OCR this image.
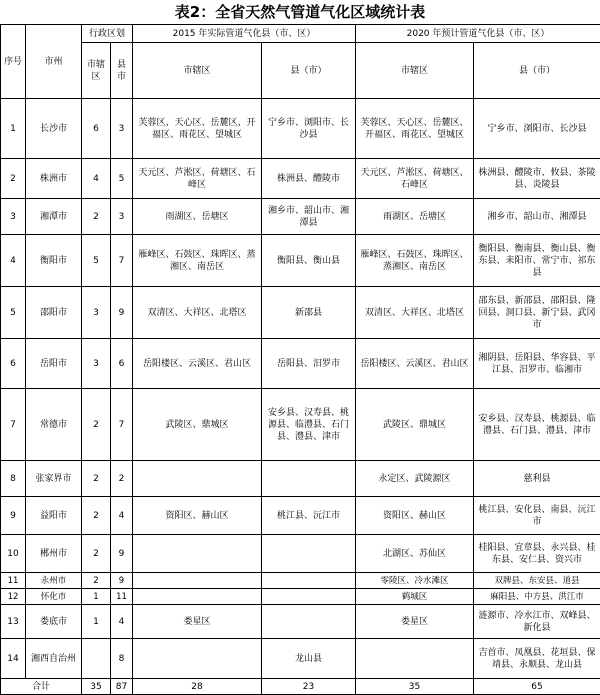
表2：全省天然气管道气化区域统计表
序号	市州	行政区划		2015 年实际管道气化县（市、区）		2020 年预计管道气化县（市、区）	
		市辖区	县市	市辖区	县（市）	市辖区	县（市）
1	长沙市	6	3	芙蓉区、天心区、岳麓区、开福区、雨花区、望城区	宁乡市、浏阳市、长沙县	芙蓉区、天心区、岳麓区、开福区、雨花区、望城区	宁乡市、浏阳市、长沙县
2	株洲市	4	5	天元区、芦淞区、荷塘区、石峰区	株洲县、醴陵市	天元区、芦淞区、荷塘区、石峰区	株洲县、醴陵市、攸县、茶陵县、炎陵县
3	湘潭市	2	3	雨湖区、岳塘区	湘乡市、韶山市、湘潭县	雨湖区、岳塘区	湘乡市、韶山市、湘潭县
4	衡阳市	5	7	雁峰区、石鼓区、珠晖区、蒸湘区、南岳区	衡阳县、衡山县	雁峰区、石鼓区、珠晖区、蒸湘区、南岳区	衡阳县、衡南县、衡山县、衡东县、耒阳市、常宁市、祁东县
5	邵阳市	3	9	双清区、大祥区、北塔区	新邵县	双清区、大祥区、北塔区	邵东县、新邵县、邵阳县、隆回县、洞口县、新宁县、武冈市
6	岳阳市	3	6	岳阳楼区、云溪区、君山区	岳阳县、汨罗市	岳阳楼区、云溪区、君山区	湘阴县、岳阳县、华容县、平江县、汨罗市、临湘市
7	常德市	2	7	武陵区、鼎城区	安乡县、汉寿县、桃源县、临澧县、石门县、澧县、津市	武陵区、鼎城区	安乡县、汉寿县、桃源县、临澧县、石门县、澧县、津市
8	张家界市	2	2			永定区、武陵源区	慈利县
9	益阳市	2	4	资阳区、赫山区	桃江县、沅江市	资阳区、赫山区	桃江县、安化县、南县、沅江市
10	郴州市	2	9			北湖区、苏仙区	桂阳县、宜章县、永兴县、桂东县、安仁县、资兴市
11	永州市	2	9			零陵区、冷水滩区	双牌县、东安县、道县
12	怀化市	1	11			鹤城区	麻阳县、中方县、洪江市
13	娄底市	1	4	娄星区		娄星区	涟源市、冷水江市、双峰县、新化县
14	湘西自治州		8		龙山县		吉首市、凤凰县、花垣县、保靖县、永顺县、龙山县
合计		35	87	28	23	35	65
